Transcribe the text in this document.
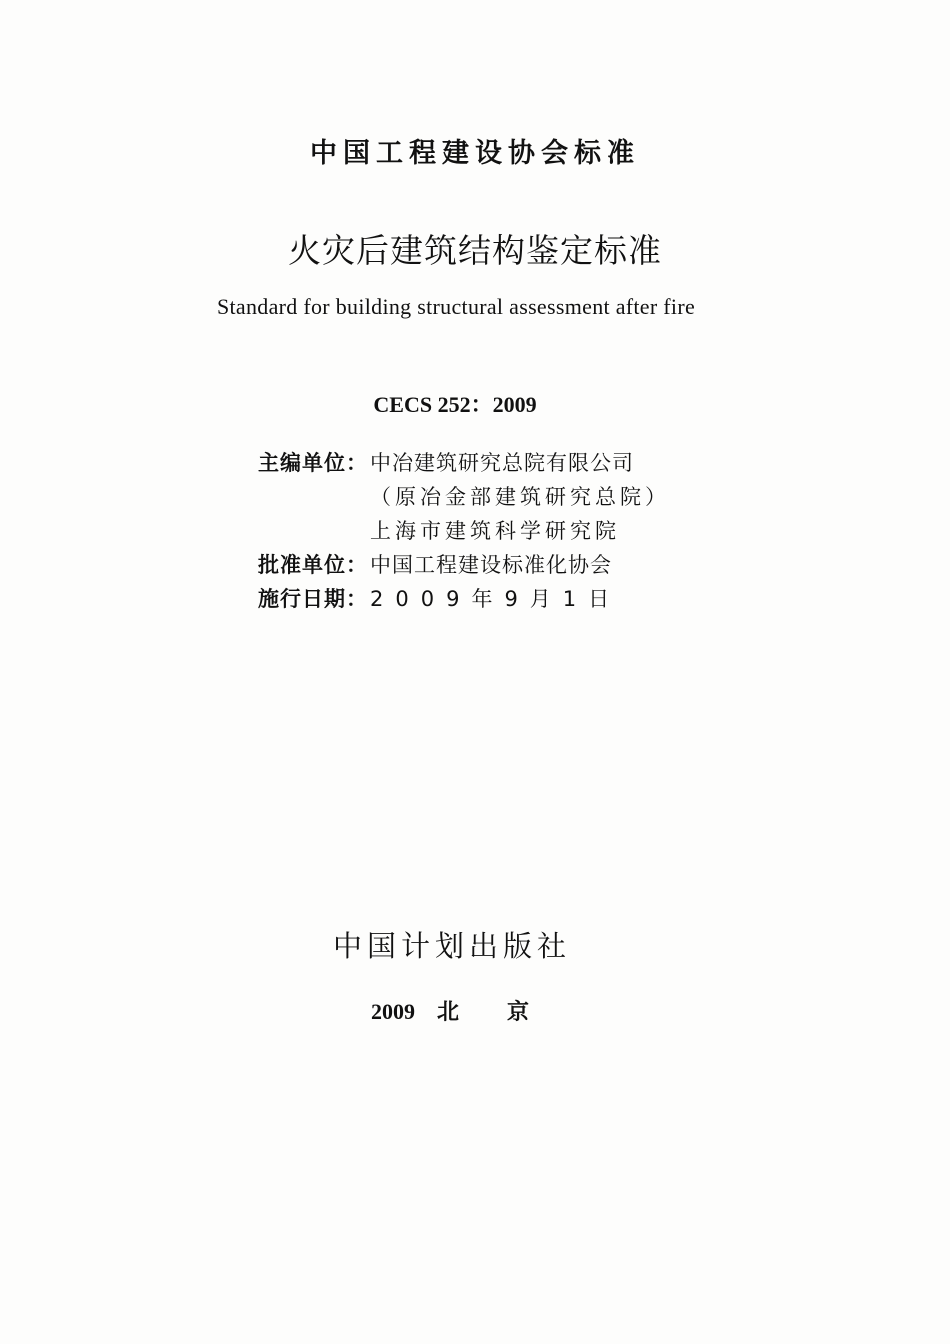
中国工程建设协会标准
火灾后建筑结构鉴定标准
Standard for building structural assessment after fire
CECS 252：2009
主编单位：中冶建筑研究总院有限公司
（原冶金部建筑研究总院）
上海市建筑科学研究院
批准单位：中国工程建设标准化协会
施行日期：2009年9月1日
中国计划出版社
2009 北京
